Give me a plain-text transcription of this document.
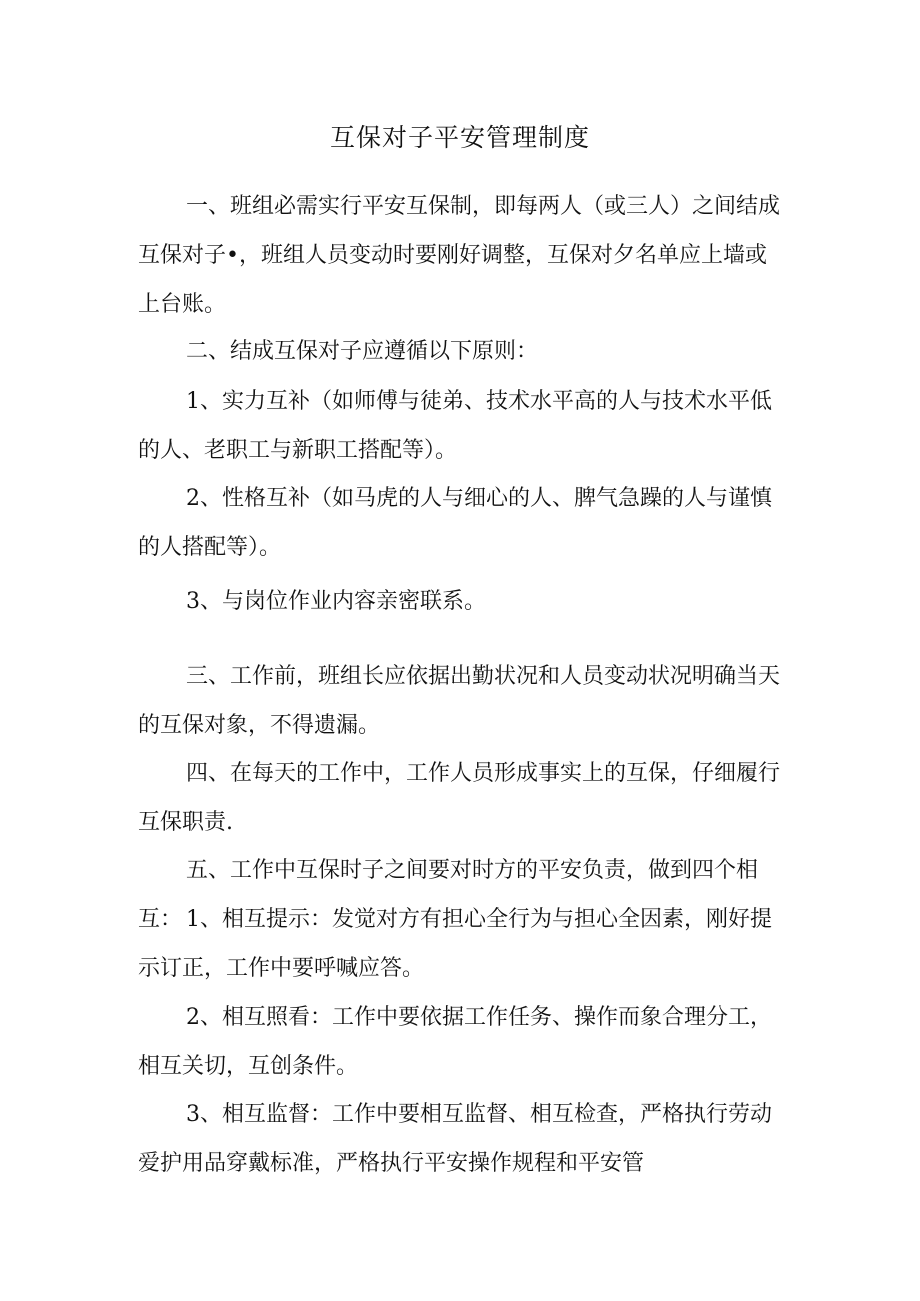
互保对子平安管理制度

一、班组必需实行平安互保制，即每两人（或三人）之间结成互保对子•，班组人员变动时要刚好调整，互保对夕名单应上墙或上台账。

二、结成互保对子应遵循以下原则：

1、实力互补（如师傅与徒弟、技术水平高的人与技术水平低的人、老职工与新职工搭配等）。

2、性格互补（如马虎的人与细心的人、脾气急躁的人与谨慎的人搭配等）。

3、与岗位作业内容亲密联系。

三、工作前，班组长应依据出勤状况和人员变动状况明确当天的互保对象，不得遗漏。

四、在每天的工作中，工作人员形成事实上的互保，仔细履行互保职责.

五、工作中互保时子之间要对时方的平安负责，做到四个相互： 1、相互提示：发觉对方有担心全行为与担心全因素，刚好提示订正，工作中要呼喊应答。

2、相互照看：工作中要依据工作任务、操作而象合理分工，相互关切，互创条件。

3、相互监督：工作中要相互监督、相互检查，严格执行劳动爱护用品穿戴标准，严格执行平安操作规程和平安管
